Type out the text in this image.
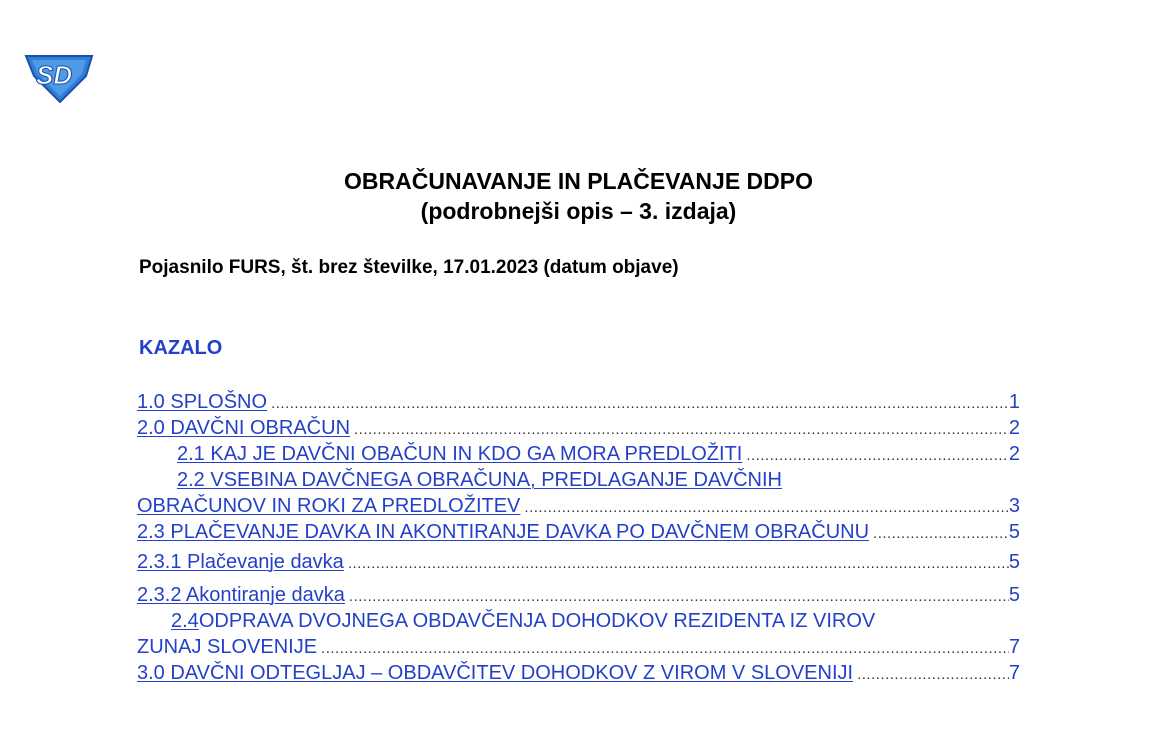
SD

OBRAČUNAVANJE IN PLAČEVANJE DDPO

(podrobnejši opis – 3. izdaja)

Pojasnilo FURS, št. brez številke, 17.01.2023 (datum objave)
KAZALO
1.0 SPLOŠNO .....	1
2.0 DAVČNI OBRAČUN .....	2
2.1 KAJ JE DAVČNI OBAČUN IN KDO GA MORA PREDLOŽITI .....	2
2.2 VSEBINA DAVČNEGA OBRAČUNA, PREDLAGANJE DAVČNIH
OBRAČUNOV IN ROKI ZA PREDLOŽITEV .....	3
2.3 PLAČEVANJE DAVKA IN AKONTIRANJE DAVKA PO DAVČNEM OBRAČUNU .....	5
2.3.1 Plačevanje davka .....	5
2.3.2 Akontiranje davka .....	5
2.4 ODPRAVA DVOJNEGA OBDAVČENJA DOHODKOV REZIDENTA IZ VIROV
ZUNAJ SLOVENIJE .....	7
3.0 DAVČNI ODTEGLJAJ – OBDAVČITEV DOHODKOV Z VIROM V SLOVENIJI .....	7
